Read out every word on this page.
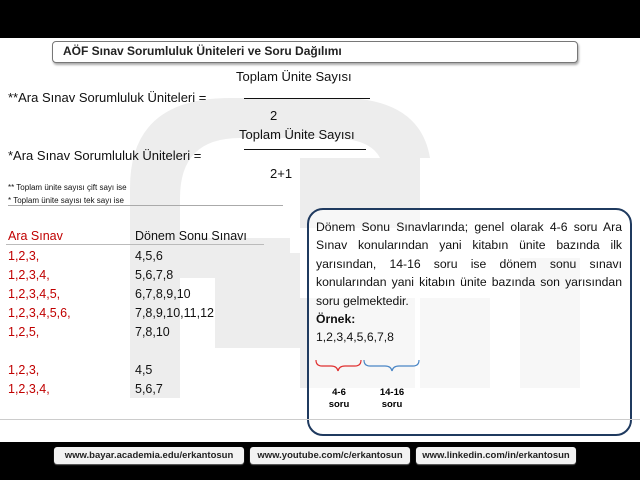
AÖF Sınav Sorumluluk Üniteleri ve Soru Dağılımı
**Ara Sınav Sorumluluk Üniteleri =
Toplam Ünite Sayısı
2
*Ara Sınav Sorumluluk Üniteleri =
Toplam Ünite Sayısı
2+1
** Toplam ünite sayısı çift sayı ise
* Toplam ünite sayısı tek sayı ise
Ara Sınav	Dönem Sonu Sınavı
1,2,3,	4,5,6
1,2,3,4,	5,6,7,8
1,2,3,4,5,	6,7,8,9,10
1,2,3,4,5,6,	7,8,9,10,11,12
1,2,5,	7,8,10
1,2,3,	4,5
1,2,3,4,	5,6,7
Dönem Sonu Sınavlarında; genel olarak 4-6 soru Ara Sınav konularından yani kitabın ünite bazında ilk yarısından, 14-16 soru ise dönem sonu sınavı konularından yani kitabın ünite bazında son yarısından soru gelmektedir.
Örnek:
1,2,3,4,5,6,7,8
4-6
soru
14-16
soru
www.bayar.academia.edu/erkantosun	www.youtube.com/c/erkantosun	www.linkedin.com/in/erkantosun
